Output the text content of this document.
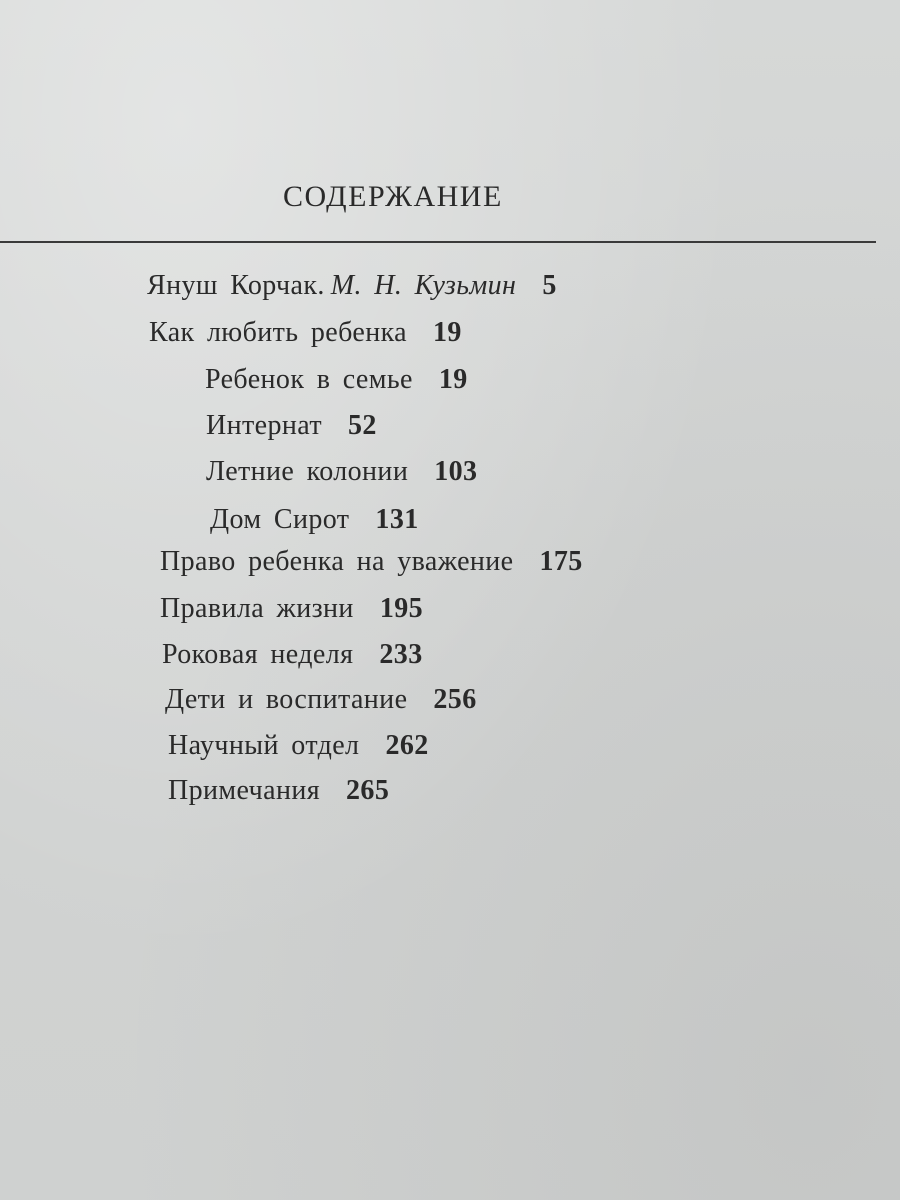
СОДЕРЖАНИЕ
Януш Корчак. М. Н. Кузьмин 5
Как любить ребенка 19
Ребенок в семье 19
Интернат 52
Летние колонии 103
Дом Сирот 131
Право ребенка на уважение 175
Правила жизни 195
Роковая неделя 233
Дети и воспитание 256
Научный отдел 262
Примечания 265
